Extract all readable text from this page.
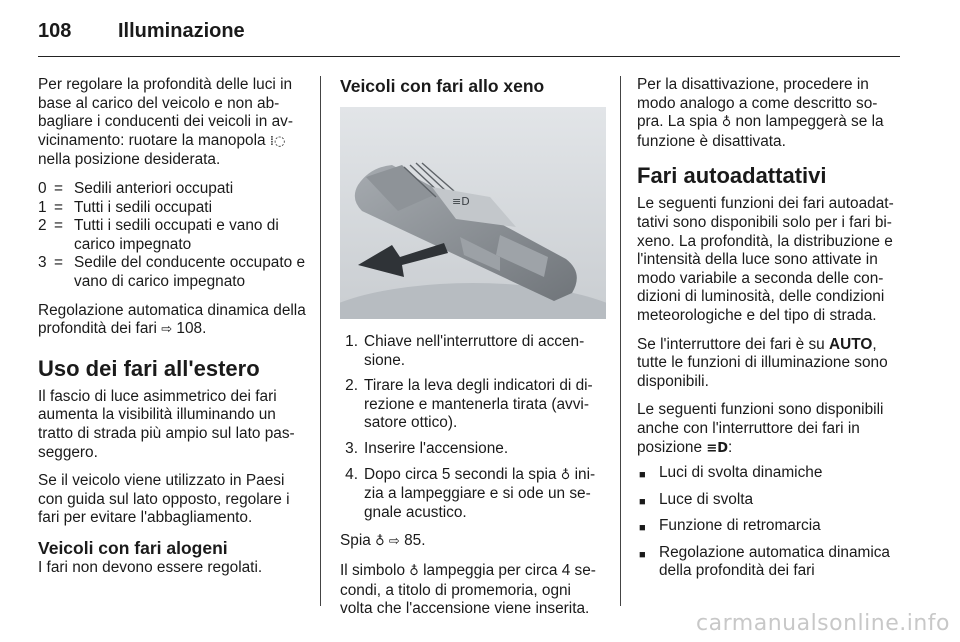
108 Illuminazione

Per regolare la profondità delle luci in base al carico del veicolo e non ab- bagliare i conducenti dei veicoli in av- vicinamento: ruotare la manopola ⁞◌ nella posizione desiderata.

0 = Sedili anteriori occupati
1 = Tutti i sedili occupati
2 = Tutti i sedili occupati e vano di carico impegnato
3 = Sedile del conducente occupato e vano di carico impegnato

Regolazione automatica dinamica della profondità dei fari ⇨ 108.

Uso dei fari all'estero

Il fascio di luce asimmetrico dei fari aumenta la visibilità illuminando un tratto di strada più ampio sul lato pas- seggero.

Se il veicolo viene utilizzato in Paesi con guida sul lato opposto, regolare i fari per evitare l'abbagliamento.

Veicoli con fari alogeni

I fari non devono essere regolati.

Veicoli con fari allo xeno
≡D
1. Chiave nell'interruttore di accen- sione.
2. Tirare la leva degli indicatori di di- rezione e mantenerla tirata (avvi- satore ottico).
3. Inserire l'accensione.
4. Dopo circa 5 secondi la spia ♁ ini- zia a lampeggiare e si ode un se- gnale acustico.

Spia ♁ ⇨ 85.

Il simbolo ♁ lampeggia per circa 4 se- condi, a titolo di promemoria, ogni volta che l'accensione viene inserita.

Per la disattivazione, procedere in modo analogo a come descritto so- pra. La spia ♁ non lampeggerà se la funzione è disattivata.

Fari autoadattativi

Le seguenti funzioni dei fari autoadat- tativi sono disponibili solo per i fari bi- xeno. La profondità, la distribuzione e l'intensità della luce sono attivate in modo variabile a seconda delle con- dizioni di luminosità, delle condizioni meteorologiche e del tipo di strada.

Se l'interruttore dei fari è su AUTO, tutte le funzioni di illuminazione sono disponibili.

Le seguenti funzioni sono disponibili anche con l'interruttore dei fari in posizione ≡D:

■ Luci di svolta dinamiche
■ Luce di svolta
■ Funzione di retromarcia
■ Regolazione automatica dinamica della profondità dei fari
carmanualsonline.info
